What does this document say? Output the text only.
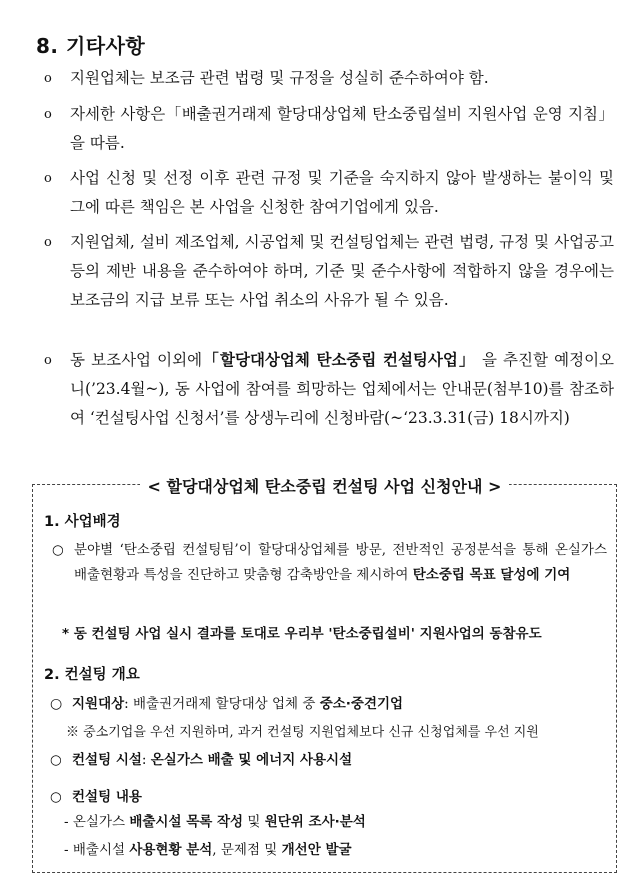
8. 기타사항
o	지원업체는 보조금 관련 법령 및 규정을 성실히 준수하여야 함.
o	자세한 사항은「배출권거래제 할당대상업체 탄소중립설비 지원사업 운영 지침」을 따름.
o	사업 신청 및 선정 이후 관련 규정 및 기준을 숙지하지 않아 발생하는 불이익 및 그에 따른 책임은 본 사업을 신청한 참여기업에게 있음.
o	지원업체, 설비 제조업체, 시공업체 및 컨설팅업체는 관련 법령, 규정 및 사업공고 등의 제반 내용을 준수하여야 하며, 기준 및 준수사항에 적합하지 않을 경우에는 보조금의 지급 보류 또는 사업 취소의 사유가 될 수 있음.
o	동 보조사업 이외에「할당대상업체 탄소중립 컨설팅사업」 을 추진할 예정이오니(’23.4월~), 동 사업에 참여를 희망하는 업체에서는 안내문(첨부10)를 참조하여 ‘컨설팅사업 신청서’를 상생누리에 신청바람(~‘23.3.31(금) 18시까지)
< 할당대상업체 탄소중립 컨설팅 사업 신청안내 >
1. 사업배경
○ 분야별 ‘탄소중립 컨설팅팀’이 할당대상업체를 방문, 전반적인 공정분석을 통해 온실가스 배출현황과 특성을 진단하고 맞춤형 감축방안을 제시하여 탄소중립 목표 달성에 기여
* 동 컨설팅 사업 실시 결과를 토대로 우리부 '탄소중립설비' 지원사업의 동참유도
2. 컨설팅 개요
○ 지원대상: 배출권거래제 할당대상 업체 중 중소·중견기업
※ 중소기업을 우선 지원하며, 과거 컨설팅 지원업체보다 신규 신청업체를 우선 지원
○ 컨설팅 시설: 온실가스 배출 및 에너지 사용시설
○ 컨설팅 내용
- 온실가스 배출시설 목록 작성 및 원단위 조사·분석
- 배출시설 사용현황 분석, 문제점 및 개선안 발굴
